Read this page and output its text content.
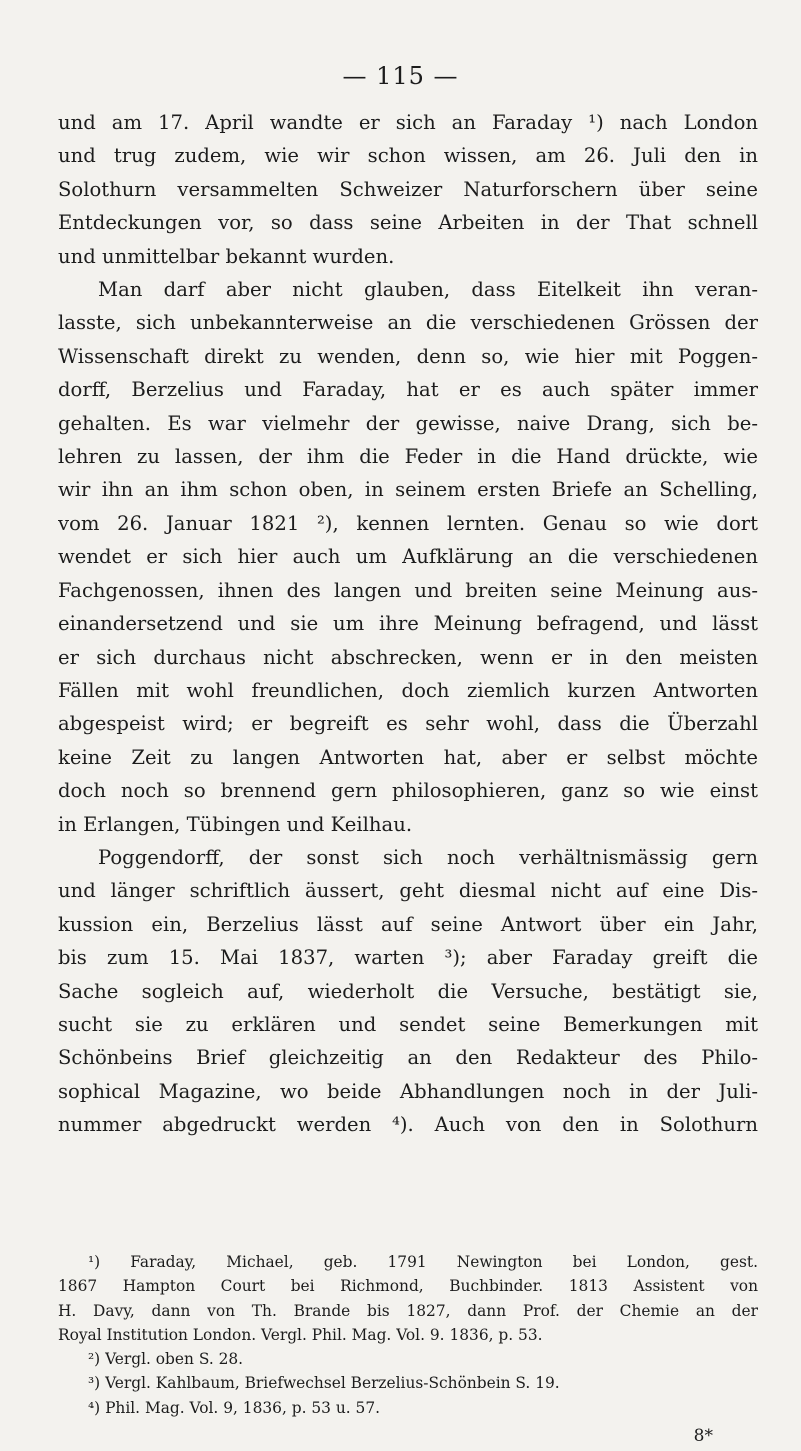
— 115 —
und am 17. April wandte er sich an Faraday ¹) nach London
und trug zudem, wie wir schon wissen, am 26. Juli den in
Solothurn versammelten Schweizer Naturforschern über seine
Entdeckungen vor, so dass seine Arbeiten in der That schnell
und unmittelbar bekannt wurden.
Man darf aber nicht glauben, dass Eitelkeit ihn veran-
lasste, sich unbekannterweise an die verschiedenen Grössen der
Wissenschaft direkt zu wenden, denn so, wie hier mit Poggen-
dorff, Berzelius und Faraday, hat er es auch später immer
gehalten. Es war vielmehr der gewisse, naive Drang, sich be-
lehren zu lassen, der ihm die Feder in die Hand drückte, wie
wir ihn an ihm schon oben, in seinem ersten Briefe an Schelling,
vom 26. Januar 1821 ²), kennen lernten. Genau so wie dort
wendet er sich hier auch um Aufklärung an die verschiedenen
Fachgenossen, ihnen des langen und breiten seine Meinung aus-
einandersetzend und sie um ihre Meinung befragend, und lässt
er sich durchaus nicht abschrecken, wenn er in den meisten
Fällen mit wohl freundlichen, doch ziemlich kurzen Antworten
abgespeist wird; er begreift es sehr wohl, dass die Überzahl
keine Zeit zu langen Antworten hat, aber er selbst möchte
doch noch so brennend gern philosophieren, ganz so wie einst
in Erlangen, Tübingen und Keilhau.
Poggendorff, der sonst sich noch verhältnismässig gern
und länger schriftlich äussert, geht diesmal nicht auf eine Dis-
kussion ein, Berzelius lässt auf seine Antwort über ein Jahr,
bis zum 15. Mai 1837, warten ³); aber Faraday greift die
Sache sogleich auf, wiederholt die Versuche, bestätigt sie,
sucht sie zu erklären und sendet seine Bemerkungen mit
Schönbeins Brief gleichzeitig an den Redakteur des Philo-
sophical Magazine, wo beide Abhandlungen noch in der Juli-
nummer abgedruckt werden ⁴). Auch von den in Solothurn
¹) Faraday, Michael, geb. 1791 Newington bei London, gest.
1867 Hampton Court bei Richmond, Buchbinder. 1813 Assistent von
H. Davy, dann von Th. Brande bis 1827, dann Prof. der Chemie an der
Royal Institution London. Vergl. Phil. Mag. Vol. 9. 1836, p. 53.
²) Vergl. oben S. 28.
³) Vergl. Kahlbaum, Briefwechsel Berzelius-Schönbein S. 19.
⁴) Phil. Mag. Vol. 9, 1836, p. 53 u. 57.
8*
